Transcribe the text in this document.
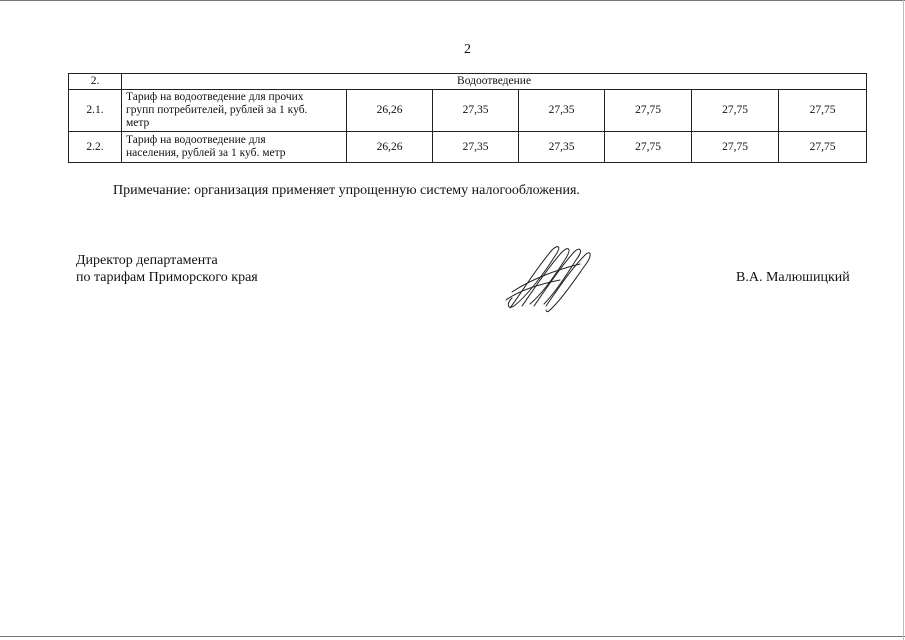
2
2.	Водоотведение						
2.1.	Тариф на водоотведение для прочих
групп потребителей, рублей за 1 куб.
метр	26,26	27,35	27,35	27,75	27,75	27,75
2.2.	Тариф на водоотведение для
населения, рублей за 1 куб. метр	26,26	27,35	27,35	27,75	27,75	27,75
Примечание: организация применяет упрощенную систему налогообложения.
Директор департамента
по тарифам Приморского края	В.А. Малюшицкий
